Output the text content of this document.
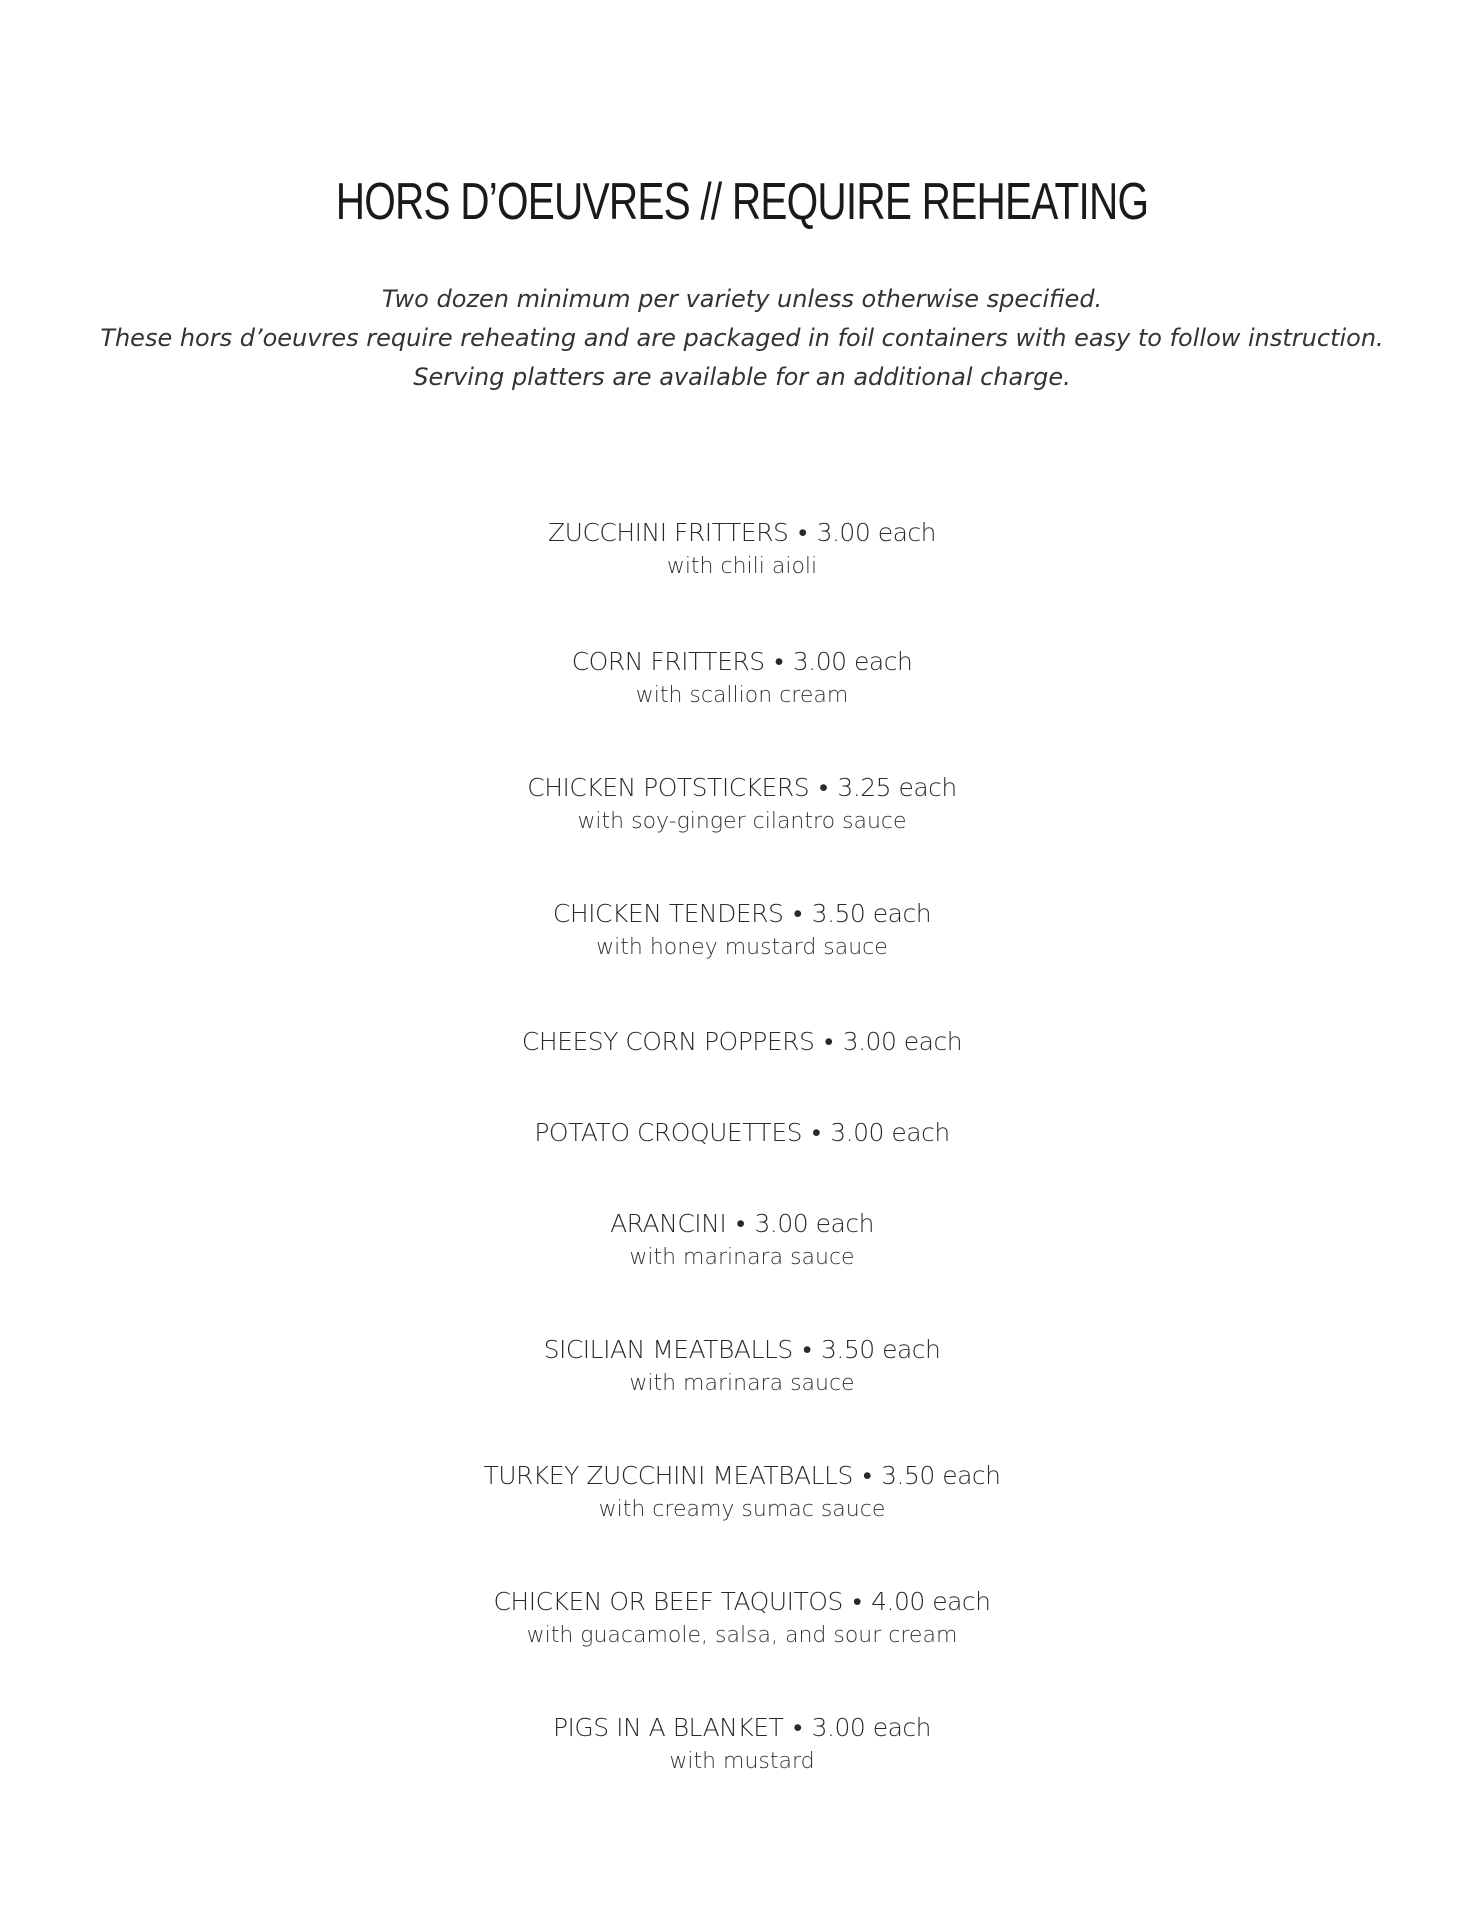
HORS D’OEUVRES // REQUIRE REHEATING
Two dozen minimum per variety unless otherwise specified.
These hors d’oeuvres require reheating and are packaged in foil containers with easy to follow instruction.
Serving platters are available for an additional charge.
ZUCCHINI FRITTERS • 3.00 each
with chili aioli
CORN FRITTERS • 3.00 each
with scallion cream
CHICKEN POTSTICKERS • 3.25 each
with soy-ginger cilantro sauce
CHICKEN TENDERS • 3.50 each
with honey mustard sauce
CHEESY CORN POPPERS • 3.00 each
POTATO CROQUETTES • 3.00 each
ARANCINI • 3.00 each
with marinara sauce
SICILIAN MEATBALLS • 3.50 each
with marinara sauce
TURKEY ZUCCHINI MEATBALLS • 3.50 each
with creamy sumac sauce
CHICKEN OR BEEF TAQUITOS • 4.00 each
with guacamole, salsa, and sour cream
PIGS IN A BLANKET • 3.00 each
with mustard
